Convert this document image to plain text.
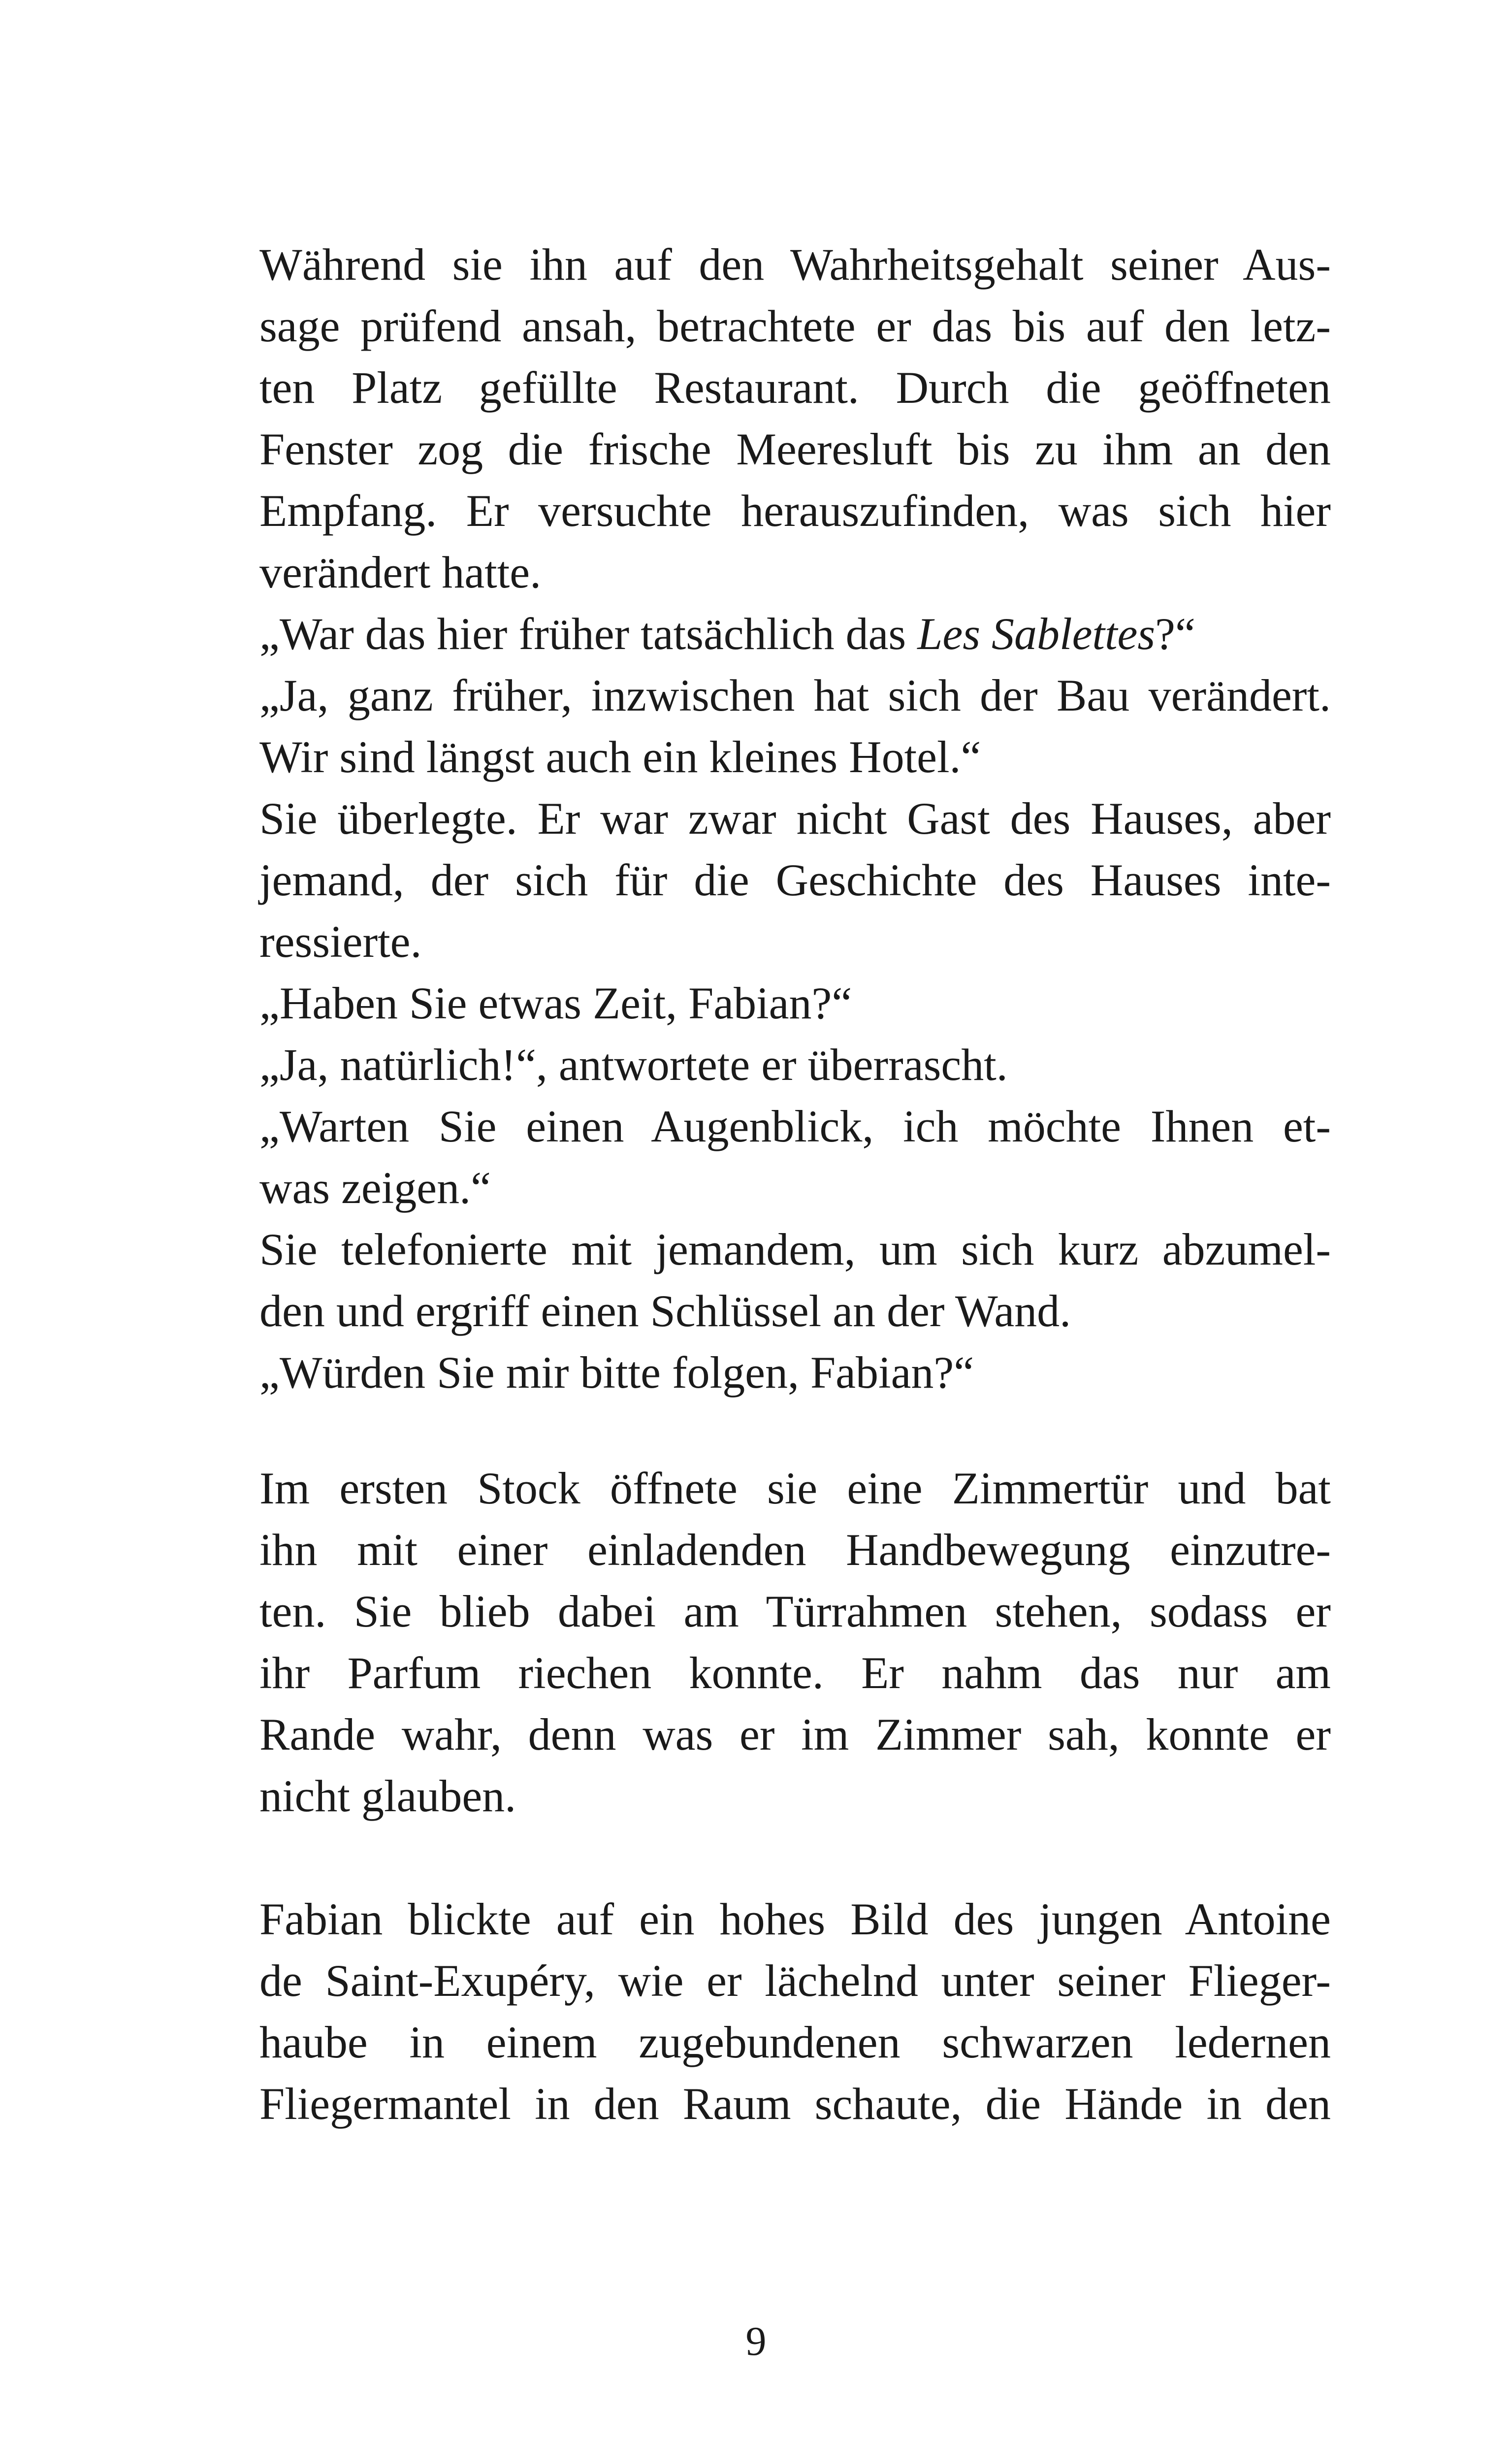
Während sie ihn auf den Wahrheitsgehalt seiner Aus-
sage prüfend ansah, betrachtete er das bis auf den letz-
ten Platz gefüllte Restaurant. Durch die geöffneten
Fenster zog die frische Meeresluft bis zu ihm an den
Empfang. Er versuchte herauszufinden, was sich hier
verändert hatte.
„War das hier früher tatsächlich das Les Sablettes?“
„Ja, ganz früher, inzwischen hat sich der Bau verändert.
Wir sind längst auch ein kleines Hotel.“
Sie überlegte. Er war zwar nicht Gast des Hauses, aber
jemand, der sich für die Geschichte des Hauses inte-
ressierte.
„Haben Sie etwas Zeit, Fabian?“
„Ja, natürlich!“, antwortete er überrascht.
„Warten Sie einen Augenblick, ich möchte Ihnen et-
was zeigen.“
Sie telefonierte mit jemandem, um sich kurz abzumel-
den und ergriff einen Schlüssel an der Wand.
„Würden Sie mir bitte folgen, Fabian?“
Im ersten Stock öffnete sie eine Zimmertür und bat
ihn mit einer einladenden Handbewegung einzutre-
ten. Sie blieb dabei am Türrahmen stehen, sodass er
ihr Parfum riechen konnte. Er nahm das nur am
Rande wahr, denn was er im Zimmer sah, konnte er
nicht glauben.
Fabian blickte auf ein hohes Bild des jungen Antoine
de Saint-Exupéry, wie er lächelnd unter seiner Flieger-
haube in einem zugebundenen schwarzen ledernen
Fliegermantel in den Raum schaute, die Hände in den
9
